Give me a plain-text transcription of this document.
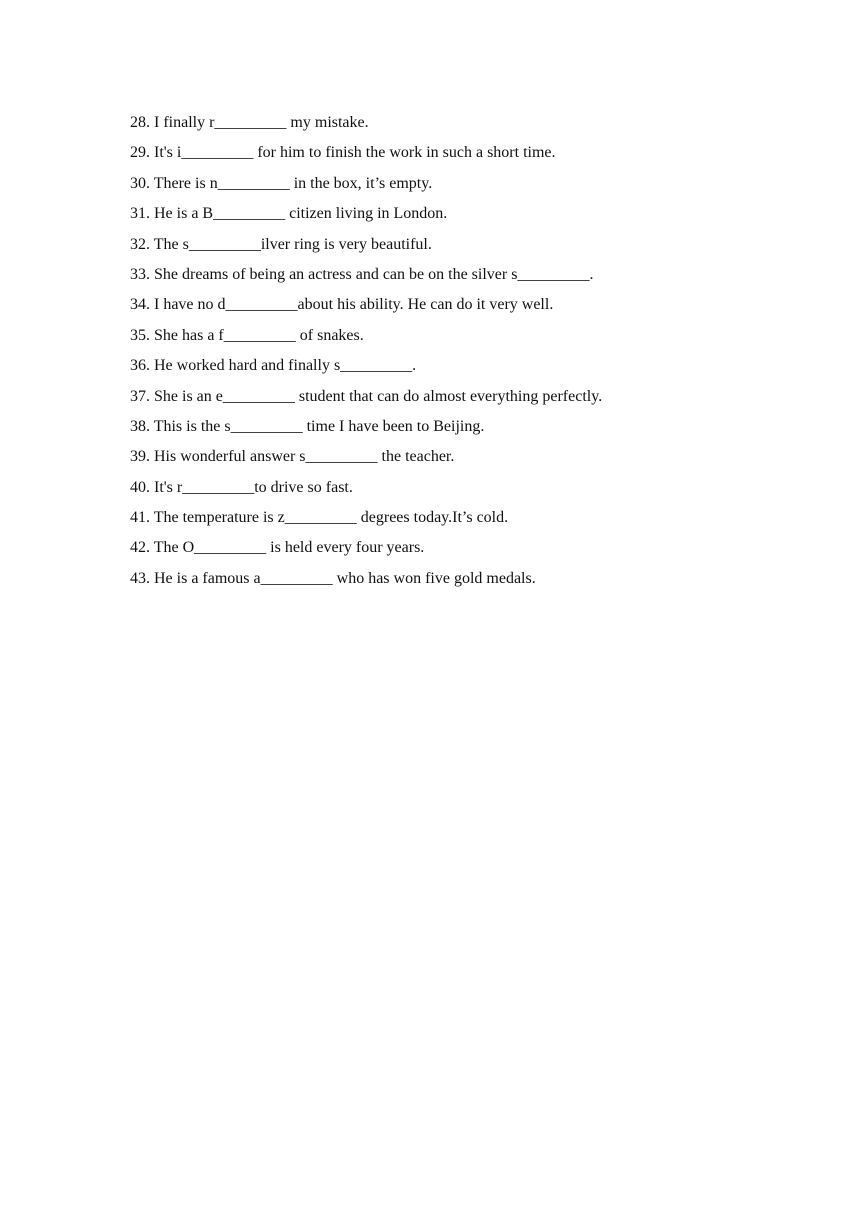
28. I finally r_________ my mistake.
29. It's i_________ for him to finish the work in such a short time.
30. There is n_________ in the box, it’s empty.
31. He is a B_________ citizen living in London.
32. The s_________ilver ring is very beautiful.
33. She dreams of being an actress and can be on the silver s_________.
34. I have no d_________about his ability. He can do it very well.
35. She has a f_________ of snakes.
36. He worked hard and finally s_________.
37. She is an e_________ student that can do almost everything perfectly.
38. This is the s_________ time I have been to Beijing.
39. His wonderful answer s_________ the teacher.
40. It's r_________to drive so fast.
41. The temperature is z_________ degrees today.It’s cold.
42. The O_________ is held every four years.
43. He is a famous a_________ who has won five gold medals.
